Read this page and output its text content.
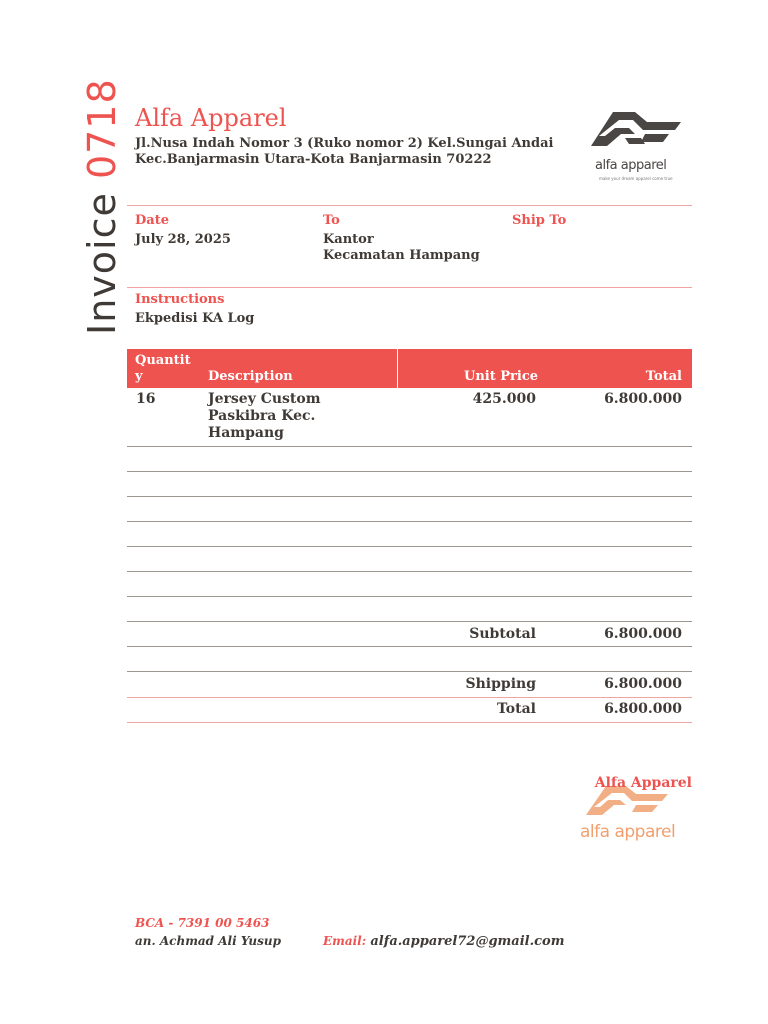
Invoice 0718 Alfa Apparel
Jl.Nusa Indah Nomor 3 (Ruko nomor 2) Kel.Sungai Andai
Kec.Banjarmasin Utara-Kota Banjarmasin 70222	alfa apparel
make your dream apparel come true
Date
July 28, 2025
To
Kantor
Kecamatan Hampang
Ship To
Instructions
Ekpedisi KA Log
Quantit
y	Description	Unit Price	Total
16	Jersey Custom
Paskibra Kec.
Hampang
425.000	6.800.000
Subtotal	6.800.000
Shipping	6.800.000
Total	6.800.000
alfa apparel
Alfa Apparel
BCA - 7391 00 5463
an. Achmad Ali Yusup	Email: alfa.apparel72@gmail.com
